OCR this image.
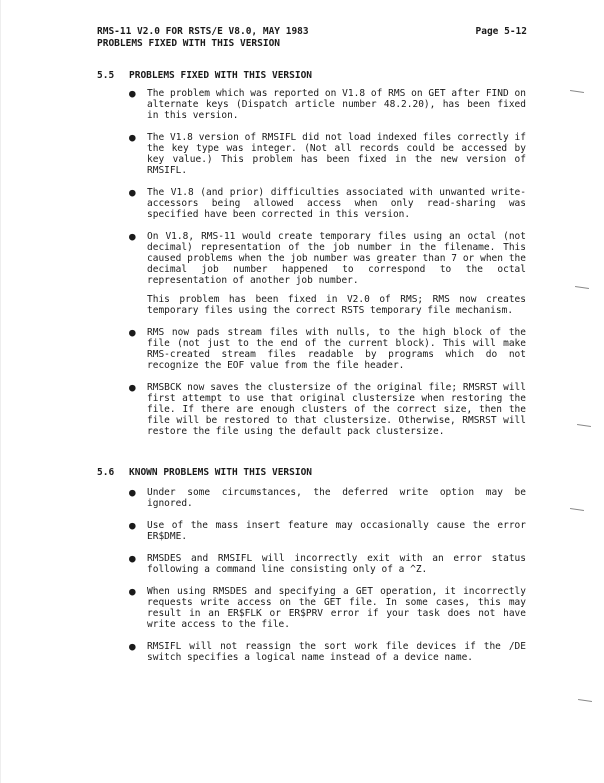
RMS-11 V2.0 FOR RSTS/E V8.0, MAY 1983
PROBLEMS FIXED WITH THIS VERSION
Page 5-12
5.5 PROBLEMS FIXED WITH THIS VERSION
● The problem which was reported on V1.8 of RMS on GET after FIND on alternate keys (Dispatch article number 48.2.20), has been fixed in this version.

● The V1.8 version of RMSIFL did not load indexed files correctly if the key type was integer. (Not all records could be accessed by key value.) This problem has been fixed in the new version of RMSIFL.

● The V1.8 (and prior) difficulties associated with unwanted write-accessors being allowed access when only read-sharing was specified have been corrected in this version.

● On V1.8, RMS-11 would create temporary files using an octal (not decimal) representation of the job number in the filename. This caused problems when the job number was greater than 7 or when the decimal job number happened to correspond to the octal representation of another job number.

This problem has been fixed in V2.0 of RMS; RMS now creates temporary files using the correct RSTS temporary file mechanism.

● RMS now pads stream files with nulls, to the high block of the file (not just to the end of the current block). This will make RMS-created stream files readable by programs which do not recognize the EOF value from the file header.

● RMSBCK now saves the clustersize of the original file; RMSRST will first attempt to use that original clustersize when restoring the file. If there are enough clusters of the correct size, then the file will be restored to that clustersize. Otherwise, RMSRST will restore the file using the default pack clustersize.

5.6 KNOWN PROBLEMS WITH THIS VERSION
● Under some circumstances, the deferred write option may be ignored.

● Use of the mass insert feature may occasionally cause the error ER$DME.

● RMSDES and RMSIFL will incorrectly exit with an error status following a command line consisting only of a ^Z.

● When using RMSDES and specifying a GET operation, it incorrectly requests write access on the GET file. In some cases, this may result in an ER$FLK or ER$PRV error if your task does not have write access to the file.

● RMSIFL will not reassign the sort work file devices if the /DE switch specifies a logical name instead of a device name.
